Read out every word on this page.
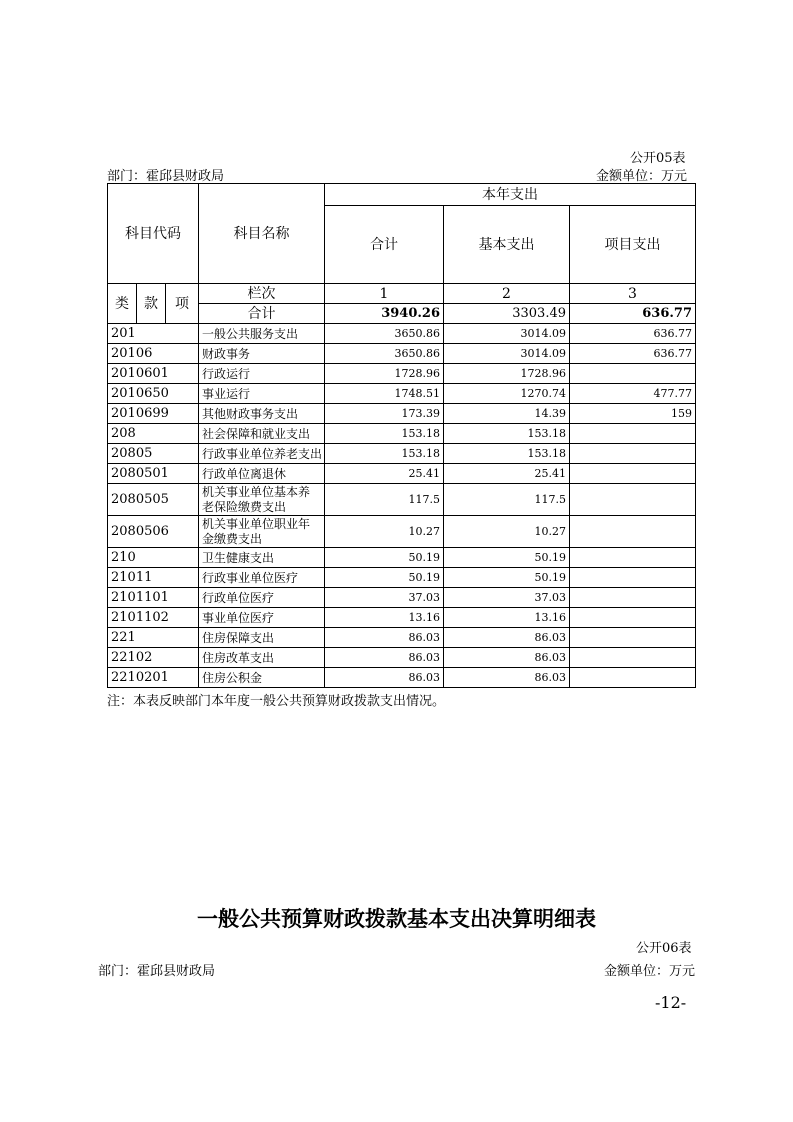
公开05表
部门：霍邱县财政局	金额单位：万元
科目代码			科目名称	本年支出		
				合计	基本支出	项目支出
类	款	项	栏次	1	2	3
			合计	3940.26	3303.49	636.77
201			一般公共服务支出	3650.86	3014.09	636.77
20106			财政事务	3650.86	3014.09	636.77
2010601			行政运行	1728.96	1728.96	
2010650			事业运行	1748.51	1270.74	477.77
2010699			其他财政事务支出	173.39	14.39	159
208			社会保障和就业支出	153.18	153.18	
20805			行政事业单位养老支出	153.18	153.18	
2080501			行政单位离退休	25.41	25.41	
2080505			机关事业单位基本养老保险缴费支出	117.5	117.5	
2080506			机关事业单位职业年金缴费支出	10.27	10.27	
210			卫生健康支出	50.19	50.19	
21011			行政事业单位医疗	50.19	50.19	
2101101			行政单位医疗	37.03	37.03	
2101102			事业单位医疗	13.16	13.16	
221			住房保障支出	86.03	86.03	
22102			住房改革支出	86.03	86.03	
2210201			住房公积金	86.03	86.03	
注：本表反映部门本年度一般公共预算财政拨款支出情况。
一般公共预算财政拨款基本支出决算明细表
公开06表
部门：霍邱县财政局	金额单位：万元
-12-
